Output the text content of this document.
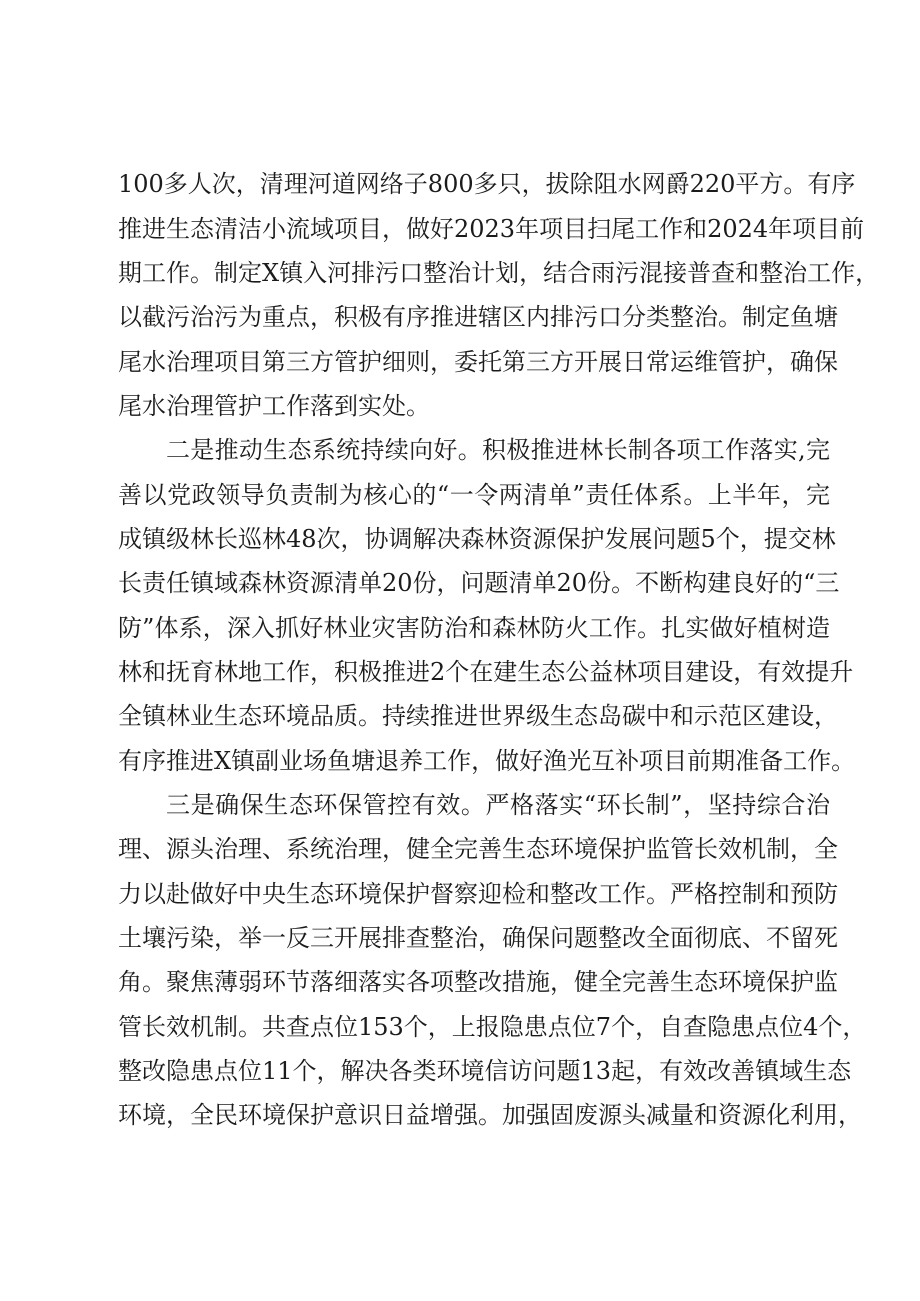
100多人次，清理河道网络子800多只，拔除阻水网爵220平方。有序
推进生态清洁小流域项目，做好2023年项目扫尾工作和2024年项目前
期工作。制定X镇入河排污口整治计划，结合雨污混接普查和整治工作，
以截污治污为重点，积极有序推进辖区内排污口分类整治。制定鱼塘
尾水治理项目第三方管护细则，委托第三方开展日常运维管护，确保
尾水治理管护工作落到实处。
二是推动生态系统持续向好。积极推进林长制各项工作落实,完
善以党政领导负责制为核心的“一令两清单”责任体系。上半年，完
成镇级林长巡林48次，协调解决森林资源保护发展问题5个，提交林
长责任镇域森林资源清单20份，问题清单20份。不断构建良好的“三
防”体系，深入抓好林业灾害防治和森林防火工作。扎实做好植树造
林和抚育林地工作，积极推进2个在建生态公益林项目建设，有效提升
全镇林业生态环境品质。持续推进世界级生态岛碳中和示范区建设，
有序推进X镇副业场鱼塘退养工作，做好渔光互补项目前期准备工作。
三是确保生态环保管控有效。严格落实“环长制”，坚持综合治
理、源头治理、系统治理，健全完善生态环境保护监管长效机制，全
力以赴做好中央生态环境保护督察迎检和整改工作。严格控制和预防
土壤污染，举一反三开展排查整治，确保问题整改全面彻底、不留死
角。聚焦薄弱环节落细落实各项整改措施，健全完善生态环境保护监
管长效机制。共查点位153个，上报隐患点位7个，自查隐患点位4个，
整改隐患点位11个，解决各类环境信访问题13起，有效改善镇域生态
环境，全民环境保护意识日益增强。加强固废源头减量和资源化利用，
